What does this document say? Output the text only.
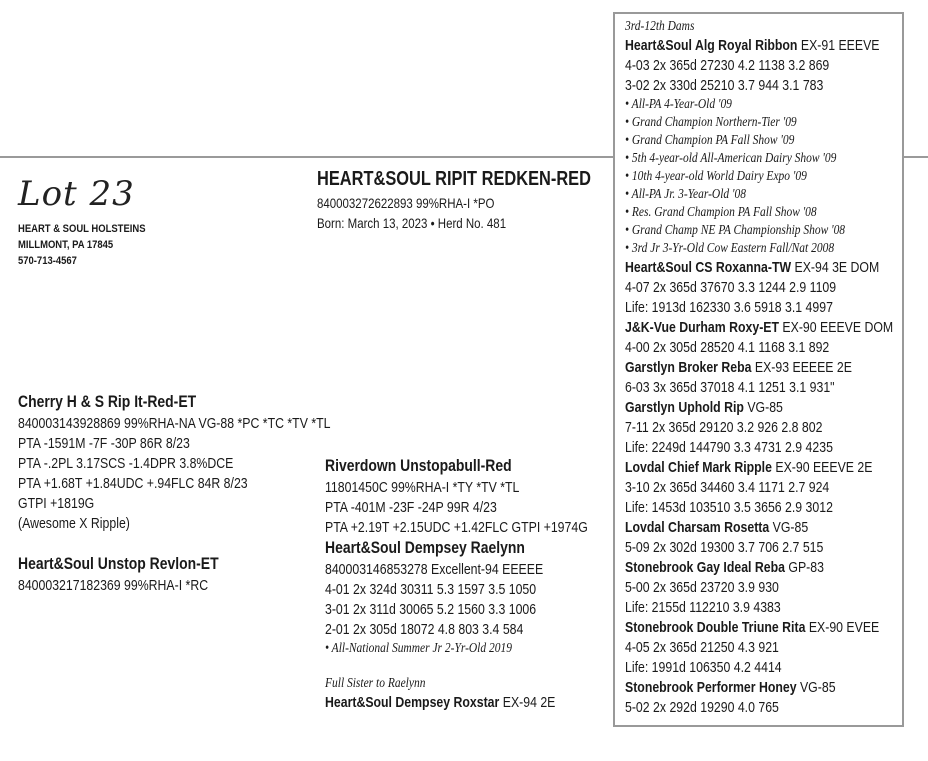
Lot 23
HEART & SOUL HOLSTEINS
MILLMONT, PA 17845
570-713-4567
HEART&SOUL RIPIT REDKEN-RED
840003272622893 99%RHA-I *PO
Born: March 13, 2023 • Herd No. 481
Cherry H & S Rip It-Red-ET
840003143928869 99%RHA-NA VG-88 *PC *TC *TV *TL
PTA -1591M -7F -30P 86R 8/23
PTA -.2PL 3.17SCS -1.4DPR 3.8%DCE
PTA +1.68T +1.84UDC +.94FLC 84R 8/23
GTPI +1819G
(Awesome X Ripple)
Heart&Soul Unstop Revlon-ET
840003217182369 99%RHA-I *RC
Riverdown Unstopabull-Red
11801450C 99%RHA-I *TY *TV *TL
PTA -401M -23F -24P 99R 4/23
PTA +2.19T +2.15UDC +1.42FLC GTPI +1974G
Heart&Soul Dempsey Raelynn
840003146853278 Excellent-94 EEEEE
4-01 2x 324d 30311 5.3 1597 3.5 1050
3-01 2x 311d 30065 5.2 1560 3.3 1006
2-01 2x 305d 18072 4.8 803 3.4 584
• All-National Summer Jr 2-Yr-Old 2019
Full Sister to Raelynn
Heart&Soul Dempsey Roxstar EX-94 2E
3rd-12th Dams
Heart&Soul Alg Royal Ribbon EX-91 EEEVE
4-03 2x 365d 27230 4.2 1138 3.2 869
3-02 2x 330d 25210 3.7 944 3.1 783
• All-PA 4-Year-Old '09
• Grand Champion Northern-Tier '09
• Grand Champion PA Fall Show '09
• 5th 4-year-old All-American Dairy Show '09
• 10th 4-year-old World Dairy Expo '09
• All-PA Jr. 3-Year-Old '08
• Res. Grand Champion PA Fall Show '08
• Grand Champ NE PA Championship Show '08
• 3rd Jr 3-Yr-Old Cow Eastern Fall/Nat 2008
Heart&Soul CS Roxanna-TW EX-94 3E DOM
4-07 2x 365d 37670 3.3 1244 2.9 1109
Life: 1913d 162330 3.6 5918 3.1 4997
J&K-Vue Durham Roxy-ET EX-90 EEEVE DOM
4-00 2x 305d 28520 4.1 1168 3.1 892
Garstlyn Broker Reba EX-93 EEEEE 2E
6-03 3x 365d 37018 4.1 1251 3.1 931"
Garstlyn Uphold Rip VG-85
7-11 2x 365d 29120 3.2 926 2.8 802
Life: 2249d 144790 3.3 4731 2.9 4235
Lovdal Chief Mark Ripple EX-90 EEEVE 2E
3-10 2x 365d 34460 3.4 1171 2.7 924
Life: 1453d 103510 3.5 3656 2.9 3012
Lovdal Charsam Rosetta VG-85
5-09 2x 302d 19300 3.7 706 2.7 515
Stonebrook Gay Ideal Reba GP-83
5-00 2x 365d 23720 3.9 930
Life: 2155d 112210 3.9 4383
Stonebrook Double Triune Rita EX-90 EVEE
4-05 2x 365d 21250 4.3 921
Life: 1991d 106350 4.2 4414
Stonebrook Performer Honey VG-85
5-02 2x 292d 19290 4.0 765
